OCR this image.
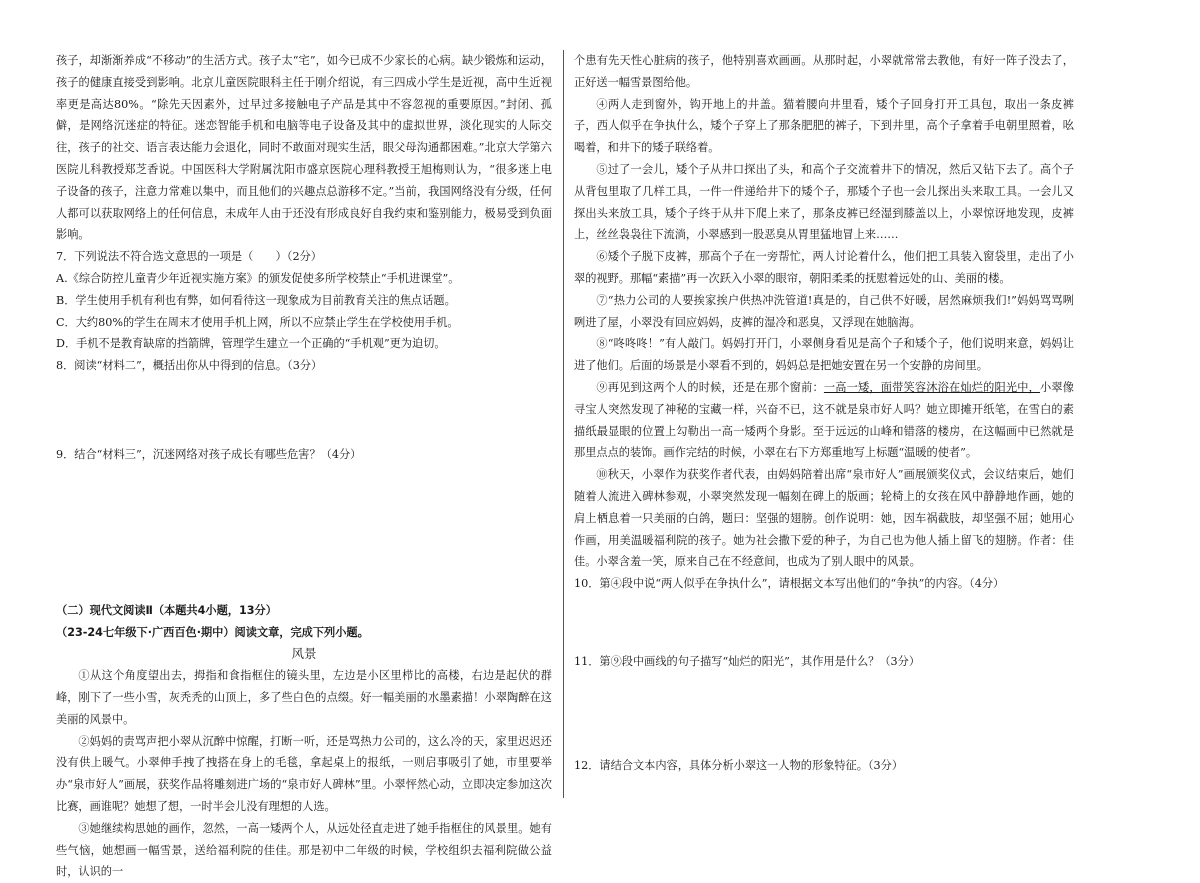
孩子，却渐渐养成“不移动”的生活方式。孩子太“宅”，如今已成不少家长的心病。缺少锻炼和运动，孩子的健康直接受到影响。北京儿童医院眼科主任于刚介绍说，有三四成小学生是近视，高中生近视率更是高达80%。“除先天因素外，过早过多接触电子产品是其中不容忽视的重要原因。”封闭、孤僻，是网络沉迷症的特征。迷恋智能手机和电脑等电子设备及其中的虚拟世界，淡化现实的人际交往，孩子的社交、语言表达能力会退化，同时不敢面对现实生活，眼父母沟通都困难。”北京大学第六医院儿科教授郑芝香说。中国医科大学附属沈阳市盛京医院心理科教授王旭梅则认为，“很多迷上电子设备的孩子，注意力常难以集中，而且他们的兴趣点总游移不定。”当前，我国网络没有分级，任何人都可以获取网络上的任何信息，未成年人由于还没有形成良好自我约束和鉴别能力，极易受到负面影响。

7．下列说法不符合选文意思的一项是（　　）（2分）

A.《综合防控儿童青少年近视实施方案》的颁发促使多所学校禁止“手机进课堂”。

B．学生使用手机有利也有弊，如何看待这一现象成为目前教育关注的焦点话题。

C．大约80%的学生在周末才使用手机上网，所以不应禁止学生在学校使用手机。

D．手机不是教育缺席的挡箭牌，管理学生建立一个正确的“手机观”更为迫切。

8．阅读“材料二”，概括出你从中得到的信息。（3分）

9．结合“材料三”，沉迷网络对孩子成长有哪些危害？（4分）

（二）现代文阅读Ⅱ（本题共4小题，13分）

（23-24七年级下·广西百色·期中）阅读文章，完成下列小题。

风景

①从这个角度望出去，拇指和食指框住的镜头里，左边是小区里栉比的高楼，右边是起伏的群峰，刚下了一些小雪，灰秃秃的山顶上，多了些白色的点缀。好一幅美丽的水墨素描！小翠陶醉在这美丽的风景中。

②妈妈的责骂声把小翠从沉醉中惊醒，打断一听，还是骂热力公司的，这么冷的天，家里迟迟还没有供上暖气。小翠伸手拽了拽搭在身上的毛毯，拿起桌上的报纸，一则启事吸引了她，市里要举办“泉市好人”画展，获奖作品将雕刻进广场的“泉市好人碑林”里。小翠怦然心动，立即决定参加这次比赛，画谁呢？她想了想，一时半会儿没有理想的人选。

③她继续构思她的画作，忽然，一高一矮两个人，从远处径直走进了她手指框住的风景里。她有些气恼，她想画一幅雪景，送给福利院的佳佳。那是初中二年级的时候，学校组织去福利院做公益时，认识的一

个患有先天性心脏病的孩子，他特别喜欢画画。从那时起，小翠就常常去教他，有好一阵子没去了，正好送一幅雪景图给他。

④两人走到窗外，钩开地上的井盖。猫着腰向井里看，矮个子回身打开工具包，取出一条皮裤子，西人似乎在争执什么，矮个子穿上了那条肥肥的裤子，下到井里，高个子拿着手电朝里照着，吆喝着，和井下的矮子联络着。

⑤过了一会儿，矮个子从井口探出了头，和高个子交流着井下的情况，然后又钻下去了。高个子从背包里取了几样工具，一件一件递给井下的矮个子，那矮个子也一会儿探出头来取工具。一会儿又探出头来放工具，矮个子终于从井下爬上来了，那条皮裤已经湿到膝盖以上，小翠惊讶地发现，皮裤上，丝丝袅袅往下流淌，小翠感到一股恶臭从胃里猛地冒上来……

⑥矮个子脱下皮裤，那高个子在一旁帮忙，两人讨论着什么，他们把工具装入窗袋里，走出了小翠的视野。那幅“素描”再一次跃入小翠的眼帘，朝阳柔柔的抚慰着远处的山、美丽的楼。

⑦“热力公司的人要挨家挨户供热冲洗管道!真是的，自己供不好暖，居然麻烦我们!”妈妈骂骂咧咧进了屋，小翠没有回应妈妈，皮裤的湿冷和恶臭，又浮现在她脑海。

⑧“咚咚咚！”有人敲门。妈妈打开门，小翠侧身看见是高个子和矮个子，他们说明来意，妈妈让进了他们。后面的场景是小翠看不到的，妈妈总是把她安置在另一个安静的房间里。

⑨再见到这两个人的时候，还是在那个窗前：一高一矮，面带笑容沐浴在灿烂的阳光中，小翠像寻宝人突然发现了神秘的宝藏一样，兴奋不已，这不就是泉市好人吗？她立即摊开纸笔，在雪白的素描纸最显眼的位置上勾勒出一高一矮两个身影。至于远远的山峰和错落的楼房，在这幅画中已然就是那里点点的装饰。画作完结的时候，小翠在右下方郑重地写上标题“温暖的使者”。

⑩秋天，小翠作为获奖作者代表，由妈妈陪着出席“泉市好人”画展颁奖仪式，会议结束后，她们随着人流进入碑林参观，小翠突然发现一幅刻在碑上的版画；轮椅上的女孩在风中静静地作画，她的肩上栖息着一只美丽的白鸽，题曰：坚强的翅膀。创作说明：她，因车祸截肢，却坚强不屈；她用心作画，用美温暖福利院的孩子。她为社会撒下爱的种子，为自己也为他人插上留飞的翅膀。作者：佳佳。小翠含羞一笑，原来自己在不经意间，也成为了别人眼中的风景。

10．第④段中说“两人似乎在争执什么”，请根据文本写出他们的“争执”的内容。（4分）

11．第⑨段中画线的句子描写“灿烂的阳光”，其作用是什么？（3分）

12．请结合文本内容，具体分析小翠这一人物的形象特征。（3分）
